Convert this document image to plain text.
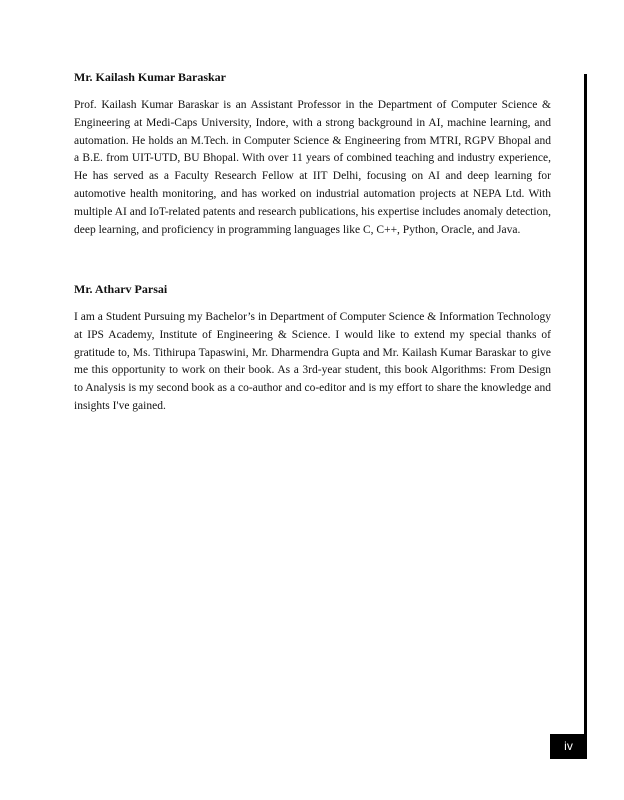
Mr. Kailash Kumar Baraskar

Prof. Kailash Kumar Baraskar is an Assistant Professor in the Department of Computer Science & Engineering at Medi-Caps University, Indore, with a strong background in AI, machine learning, and automation. He holds an M.Tech. in Computer Science & Engineering from MTRI, RGPV Bhopal and a B.E. from UIT-UTD, BU Bhopal. With over 11 years of combined teaching and industry experience, He has served as a Faculty Research Fellow at IIT Delhi, focusing on AI and deep learning for automotive health monitoring, and has worked on industrial automation projects at NEPA Ltd. With multiple AI and IoT-related patents and research publications, his expertise includes anomaly detection, deep learning, and proficiency in programming languages like C, C++, Python, Oracle, and Java.

Mr. Atharv Parsai

I am a Student Pursuing my Bachelor’s in Department of Computer Science & Information Technology at IPS Academy, Institute of Engineering & Science. I would like to extend my special thanks of gratitude to, Ms. Tithirupa Tapaswini, Mr. Dharmendra Gupta and Mr. Kailash Kumar Baraskar to give me this opportunity to work on their book. As a 3rd-year student, this book Algorithms: From Design to Analysis is my second book as a co-author and co-editor and is my effort to share the knowledge and insights I've gained.

iv
